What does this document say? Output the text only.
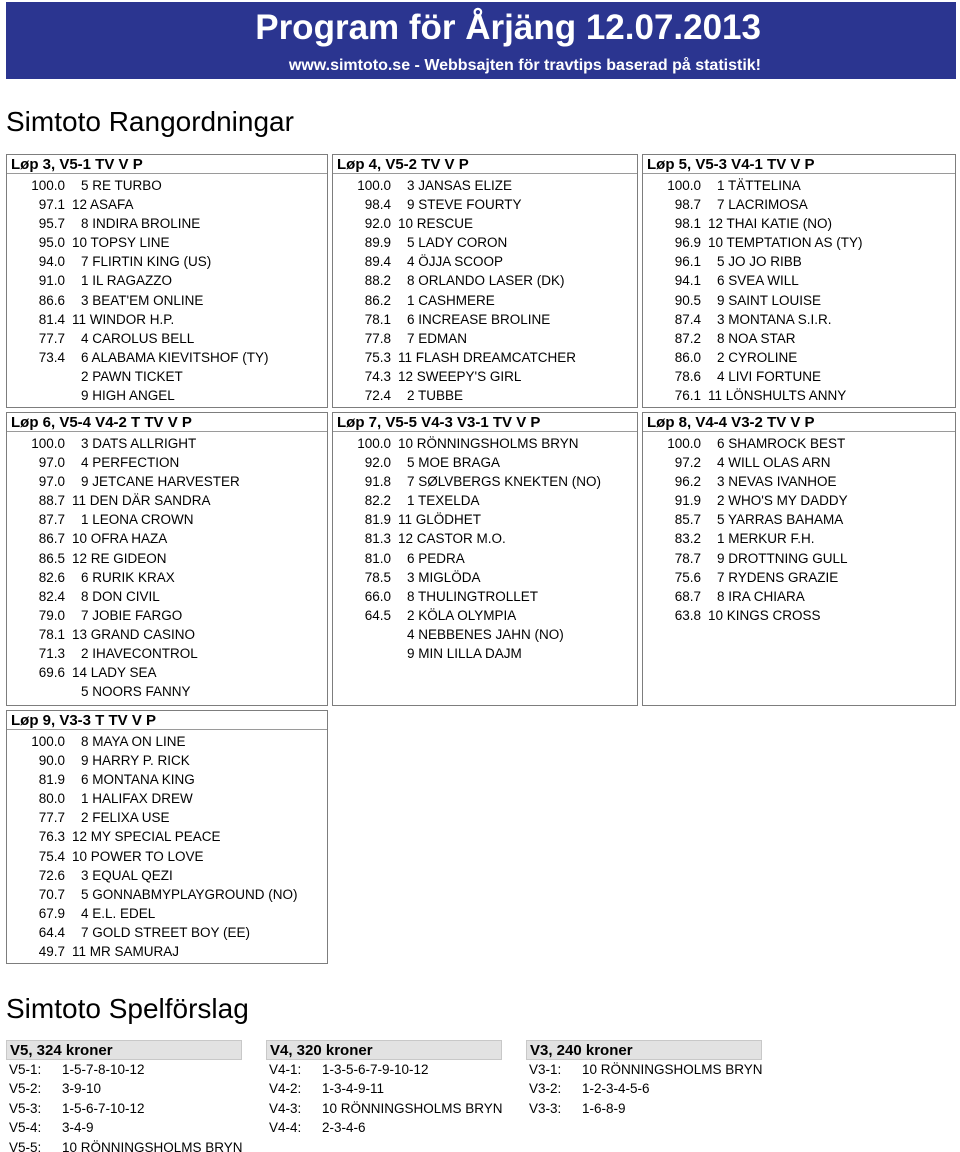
Program för Årjäng 12.07.2013
www.simtoto.se - Webbsajten för travtips baserad på statistik!
Simtoto Rangordningar
Løp 3, V5-1 TV V P
100.0 5 RE TURBO
97.1 12 ASAFA
95.7 8 INDIRA BROLINE
95.0 10 TOPSY LINE
94.0 7 FLIRTIN KING (US)
91.0 1 IL RAGAZZO
86.6 3 BEAT'EM ONLINE
81.4 11 WINDOR H.P.
77.7 4 CAROLUS BELL
73.4 6 ALABAMA KIEVITSHOF (TY)
2 PAWN TICKET
9 HIGH ANGEL
Løp 4, V5-2 TV V P
100.0 3 JANSAS ELIZE
98.4 9 STEVE FOURTY
92.0 10 RESCUE
89.9 5 LADY CORON
89.4 4 ÖJJA SCOOP
88.2 8 ORLANDO LASER (DK)
86.2 1 CASHMERE
78.1 6 INCREASE BROLINE
77.8 7 EDMAN
75.3 11 FLASH DREAMCATCHER
74.3 12 SWEEPY'S GIRL
72.4 2 TUBBE
Løp 5, V5-3 V4-1 TV V P
100.0 1 TÄTTELINA
98.7 7 LACRIMOSA
98.1 12 THAI KATIE (NO)
96.9 10 TEMPTATION AS (TY)
96.1 5 JO JO RIBB
94.1 6 SVEA WILL
90.5 9 SAINT LOUISE
87.4 3 MONTANA S.I.R.
87.2 8 NOA STAR
86.0 2 CYROLINE
78.6 4 LIVI FORTUNE
76.1 11 LÖNSHULTS ANNY
Løp 6, V5-4 V4-2 T TV V P
100.0 3 DATS ALLRIGHT
97.0 4 PERFECTION
97.0 9 JETCANE HARVESTER
88.7 11 DEN DÄR SANDRA
87.7 1 LEONA CROWN
86.7 10 OFRA HAZA
86.5 12 RE GIDEON
82.6 6 RURIK KRAX
82.4 8 DON CIVIL
79.0 7 JOBIE FARGO
78.1 13 GRAND CASINO
71.3 2 IHAVECONTROL
69.6 14 LADY SEA
5 NOORS FANNY
Løp 7, V5-5 V4-3 V3-1 TV V P
100.0 10 RÖNNINGSHOLMS BRYN
92.0 5 MOE BRAGA
91.8 7 SØLVBERGS KNEKTEN (NO)
82.2 1 TEXELDA
81.9 11 GLÖDHET
81.3 12 CASTOR M.O.
81.0 6 PEDRA
78.5 3 MIGLÖDA
66.0 8 THULINGTROLLET
64.5 2 KÖLA OLYMPIA
4 NEBBENES JAHN (NO)
9 MIN LILLA DAJM
Løp 8, V4-4 V3-2 TV V P
100.0 6 SHAMROCK BEST
97.2 4 WILL OLAS ARN
96.2 3 NEVAS IVANHOE
91.9 2 WHO'S MY DADDY
85.7 5 YARRAS BAHAMA
83.2 1 MERKUR F.H.
78.7 9 DROTTNING GULL
75.6 7 RYDENS GRAZIE
68.7 8 IRA CHIARA
63.8 10 KINGS CROSS
Løp 9, V3-3 T TV V P
100.0 8 MAYA ON LINE
90.0 9 HARRY P. RICK
81.9 6 MONTANA KING
80.0 1 HALIFAX DREW
77.7 2 FELIXA USE
76.3 12 MY SPECIAL PEACE
75.4 10 POWER TO LOVE
72.6 3 EQUAL QEZI
70.7 5 GONNABMYPLAYGROUND (NO)
67.9 4 E.L. EDEL
64.4 7 GOLD STREET BOY (EE)
49.7 11 MR SAMURAJ
Simtoto Spelförslag
V5, 324 kroner
V5-1: 1-5-7-8-10-12
V5-2: 3-9-10
V5-3: 1-5-6-7-10-12
V5-4: 3-4-9
V5-5: 10 RÖNNINGSHOLMS BRYN
V4, 320 kroner
V4-1: 1-3-5-6-7-9-10-12
V4-2: 1-3-4-9-11
V4-3: 10 RÖNNINGSHOLMS BRYN
V4-4: 2-3-4-6
V3, 240 kroner
V3-1: 10 RÖNNINGSHOLMS BRYN
V3-2: 1-2-3-4-5-6
V3-3: 1-6-8-9
